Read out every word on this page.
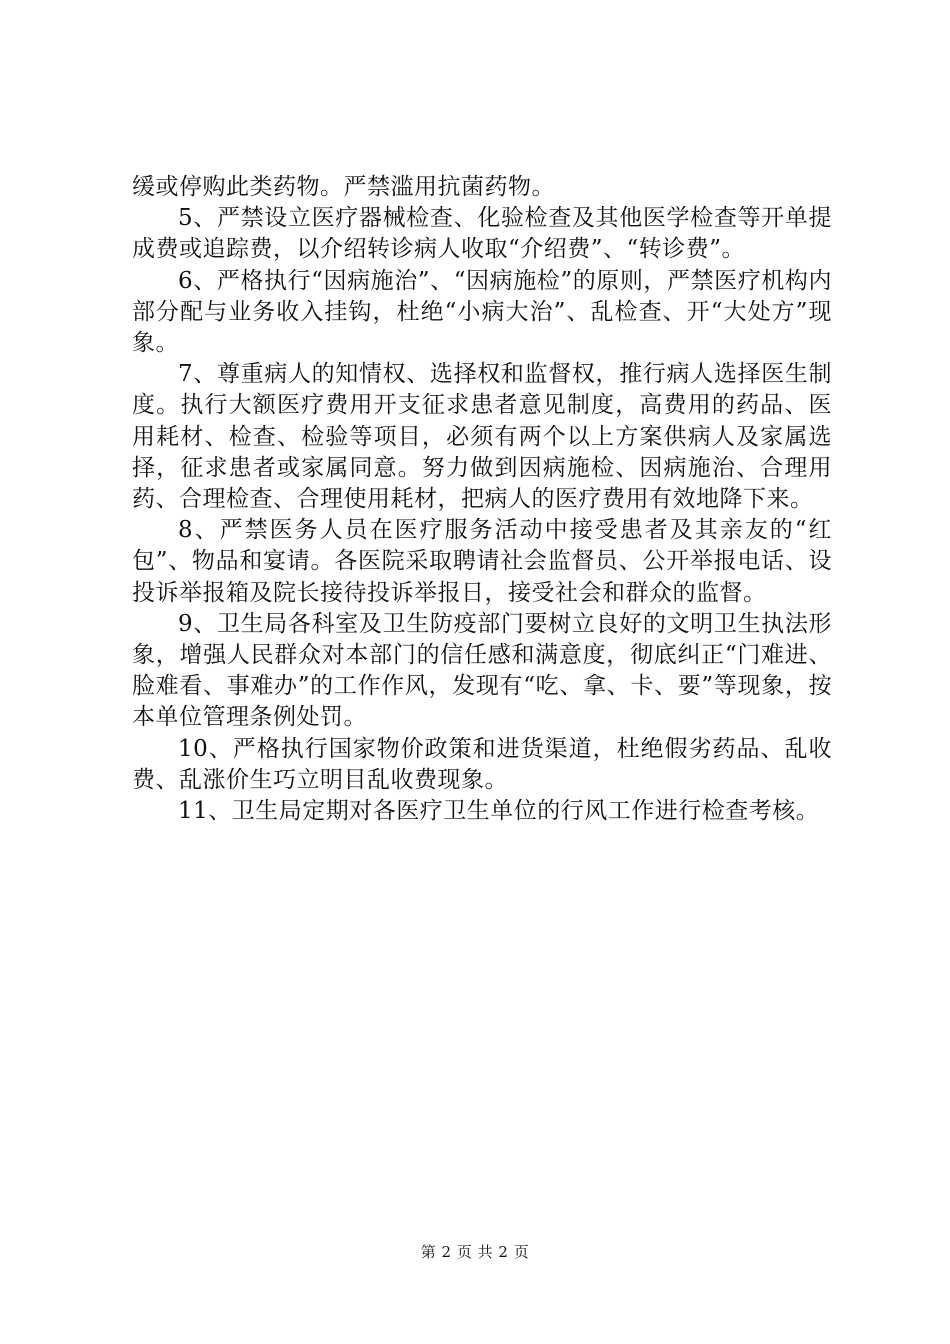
缓或停购此类药物。严禁滥用抗菌药物。

5、严禁设立医疗器械检查、化验检查及其他医学检查等开单提成费或追踪费，以介绍转诊病人收取“介绍费”、“转诊费”。

6、严格执行“因病施治”、“因病施检”的原则，严禁医疗机构内部分配与业务收入挂钩，杜绝“小病大治”、乱检查、开“大处方”现象。

7、尊重病人的知情权、选择权和监督权，推行病人选择医生制度。执行大额医疗费用开支征求患者意见制度，高费用的药品、医用耗材、检查、检验等项目，必须有两个以上方案供病人及家属选择，征求患者或家属同意。努力做到因病施检、因病施治、合理用药、合理检查、合理使用耗材，把病人的医疗费用有效地降下来。

8、严禁医务人员在医疗服务活动中接受患者及其亲友的“红包”、物品和宴请。各医院采取聘请社会监督员、公开举报电话、设投诉举报箱及院长接待投诉举报日，接受社会和群众的监督。

9、卫生局各科室及卫生防疫部门要树立良好的文明卫生执法形象，增强人民群众对本部门的信任感和满意度，彻底纠正“门难进、脸难看、事难办”的工作作风，发现有“吃、拿、卡、要”等现象，按本单位管理条例处罚。

10、严格执行国家物价政策和进货渠道，杜绝假劣药品、乱收费、乱涨价生巧立明目乱收费现象。

11、卫生局定期对各医疗卫生单位的行风工作进行检查考核。

第 2 页 共 2 页
